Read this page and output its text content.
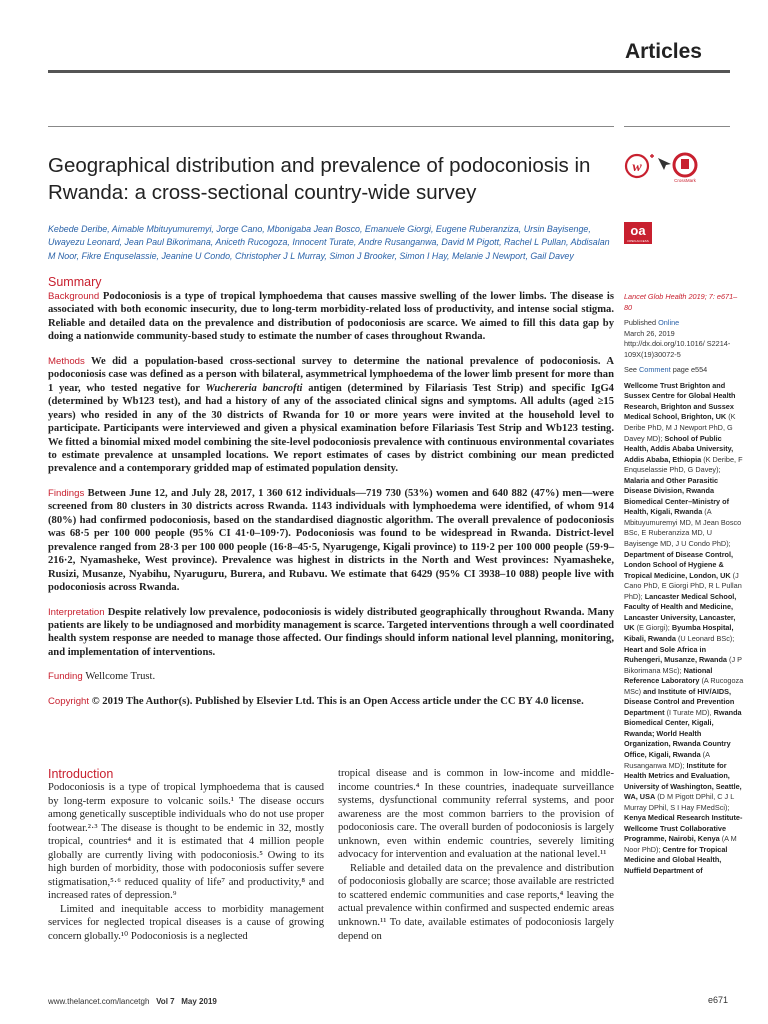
Articles
Geographical distribution and prevalence of podoconiosis in Rwanda: a cross-sectional country-wide survey
w
CrossMark
oa
OPEN ACCESS

Kebede Deribe, Aimable Mbituyumuremyi, Jorge Cano, Mbonigaba Jean Bosco, Emanuele Giorgi, Eugene Ruberanziza, Ursin Bayisenge, Uwayezu Leonard, Jean Paul Bikorimana, Aniceth Rucogoza, Innocent Turate, Andre Rusanganwa, David M Pigott, Rachel L Pullan, Abdisalan M Noor, Fikre Enquselassie, Jeanine U Condo, Christopher J L Murray, Simon J Brooker, Simon I Hay, Melanie J Newport, Gail Davey

Summary

Background Podoconiosis is a type of tropical lymphoedema that causes massive swelling of the lower limbs. The disease is associated with both economic insecurity, due to long-term morbidity-related loss of productivity, and intense social stigma. Reliable and detailed data on the prevalence and distribution of podoconiosis are scarce. We aimed to fill this data gap by doing a nationwide community-based study to estimate the number of cases throughout Rwanda.

Methods We did a population-based cross-sectional survey to determine the national prevalence of podoconiosis. A podoconiosis case was defined as a person with bilateral, asymmetrical lymphoedema of the lower limb present for more than 1 year, who tested negative for Wuchereria bancrofti antigen (determined by Filariasis Test Strip) and specific IgG4 (determined by Wb123 test), and had a history of any of the associated clinical signs and symptoms. All adults (aged ≥15 years) who resided in any of the 30 districts of Rwanda for 10 or more years were invited at the household level to participate. Participants were interviewed and given a physical examination before Filariasis Test Strip and Wb123 testing. We fitted a binomial mixed model combining the site-level podoconiosis prevalence with continuous environmental covariates to estimate prevalence at unsampled locations. We report estimates of cases by district combining our mean predicted prevalence and a contemporary gridded map of estimated population density.

Findings Between June 12, and July 28, 2017, 1 360 612 individuals—719 730 (53%) women and 640 882 (47%) men—were screened from 80 clusters in 30 districts across Rwanda. 1143 individuals with lymphoedema were identified, of whom 914 (80%) had confirmed podoconiosis, based on the standardised diagnostic algorithm. The overall prevalence of podoconiosis was 68·5 per 100 000 people (95% CI 41·0–109·7). Podoconiosis was found to be widespread in Rwanda. District-level prevalence ranged from 28·3 per 100 000 people (16·8–45·5, Nyarugenge, Kigali province) to 119·2 per 100 000 people (59·9–216·2, Nyamasheke, West province). Prevalence was highest in districts in the North and West provinces: Nyamasheke, Rusizi, Musanze, Nyabihu, Nyaruguru, Burera, and Rubavu. We estimate that 6429 (95% CI 3938–10 088) people live with podoconiosis across Rwanda.

Interpretation Despite relatively low prevalence, podoconiosis is widely distributed geographically throughout Rwanda. Many patients are likely to be undiagnosed and morbidity management is scarce. Targeted interventions through a well coordinated health system response are needed to manage those affected. Our findings should inform national level planning, monitoring, and implementation of interventions.

Funding Wellcome Trust.

Copyright © 2019 The Author(s). Published by Elsevier Ltd. This is an Open Access article under the CC BY 4.0 license.

Introduction

Podoconiosis is a type of tropical lymphoedema that is caused by long-term exposure to volcanic soils.¹ The disease occurs among genetically susceptible individuals who do not use proper footwear.²·³ The disease is thought to be endemic in 32, mostly tropical, countries⁴ and it is estimated that 4 million people globally are currently living with podoconiosis.⁵ Owing to its high burden of morbidity, those with podoconiosis suffer severe stigmatisation,⁵·⁶ reduced quality of life⁷ and productivity,⁸ and increased rates of depression.⁹

Limited and inequitable access to morbidity management services for neglected tropical diseases is a cause of growing concern globally.¹⁰ Podoconiosis is a neglected

tropical disease and is common in low-income and middle-income countries.⁴ In these countries, inadequate surveillance systems, dysfunctional community referral systems, and poor awareness are the most common barriers to the provision of podoconiosis care. The overall burden of podoconiosis is largely unknown, even within endemic countries, severely limiting advocacy for intervention and evaluation at the national level.¹¹

Reliable and detailed data on the prevalence and distribution of podoconiosis globally are scarce; those available are restricted to scattered endemic communities and case reports,⁴ leaving the actual prevalence within confirmed and suspected endemic areas unknown.¹¹ To date, available estimates of podoconiosis largely depend on

Lancet Glob Health 2019; 7: e671–80

Published Online
March 26, 2019
http://dx.doi.org/10.1016/ S2214-109X(19)30072-5

See Comment page e554

Wellcome Trust Brighton and Sussex Centre for Global Health Research, Brighton and Sussex Medical School, Brighton, UK (K Deribe PhD, M J Newport PhD, G Davey MD); School of Public Health, Addis Ababa University, Addis Ababa, Ethiopia (K Deribe, F Enquselassie PhD, G Davey); Malaria and Other Parasitic Disease Division, Rwanda Biomedical Center–Ministry of Health, Kigali, Rwanda (A Mbituyumuremyi MD, M Jean Bosco BSc, E Ruberanziza MD, U Bayisenge MD, J U Condo PhD); Department of Disease Control, London School of Hygiene & Tropical Medicine, London, UK (J Cano PhD, E Giorgi PhD, R L Pullan PhD); Lancaster Medical School, Faculty of Health and Medicine, Lancaster University, Lancaster, UK (E Giorgi); Byumba Hospital, Kibali, Rwanda (U Leonard BSc); Heart and Sole Africa in Ruhengeri, Musanze, Rwanda (J P Bikorimana MSc); National Reference Laboratory (A Rucogoza MSc) and Institute of HIV/AIDS, Disease Control and Prevention Department (I Turate MD), Rwanda Biomedical Center, Kigali, Rwanda; World Health Organization, Rwanda Country Office, Kigali, Rwanda (A Rusanganwa MD); Institute for Health Metrics and Evaluation, University of Washington, Seattle, WA, USA (D M Pigott DPhil, C J L Murray DPhil, S I Hay FMedSci); Kenya Medical Research Institute-Wellcome Trust Collaborative Programme, Nairobi, Kenya (A M Noor PhD); Centre for Tropical Medicine and Global Health, Nuffield Department of
www.thelancet.com/lancetgh Vol 7 May 2019	e671
